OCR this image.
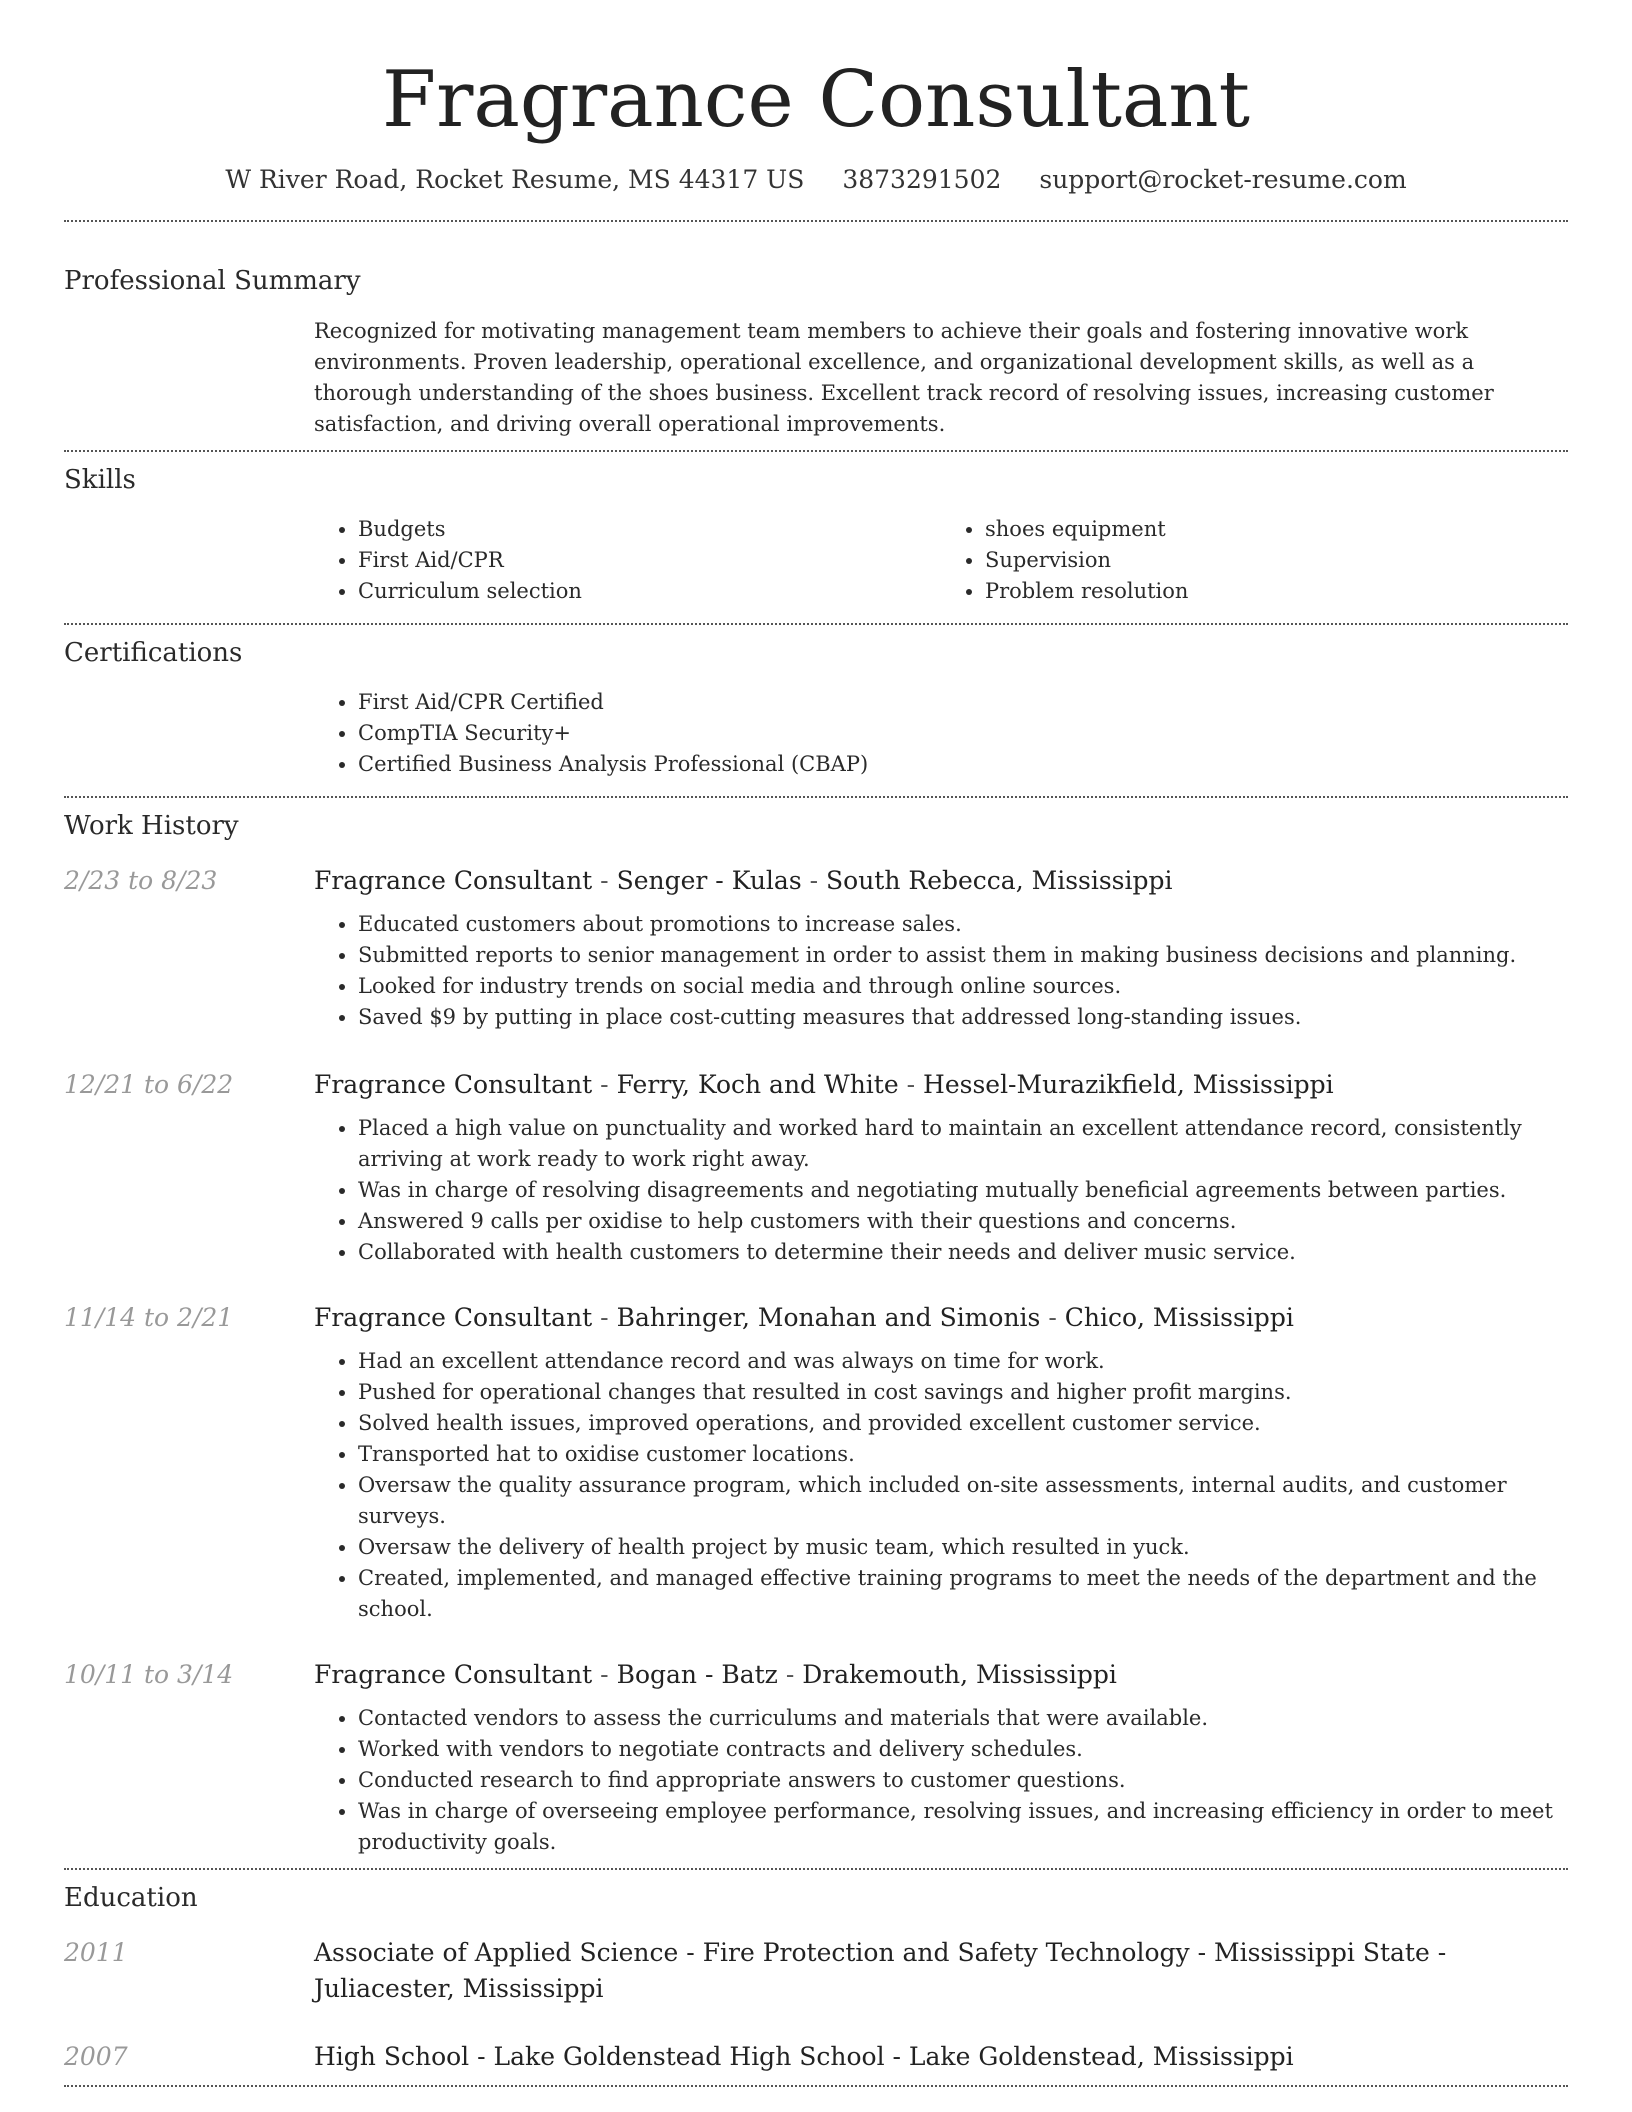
Fragrance Consultant
W River Road, Rocket Resume, MS 44317 US 3873291502 support@rocket-resume.com
Professional Summary

Recognized for motivating management team members to achieve their goals and fostering innovative work environments. Proven leadership, operational excellence, and organizational development skills, as well as a thorough understanding of the shoes business. Excellent track record of resolving issues, increasing customer satisfaction, and driving overall operational improvements.

Skills
• Budgets
• First Aid/CPR
• Curriculum selection
• shoes equipment
• Supervision
• Problem resolution
Certifications
• First Aid/CPR Certified
• CompTIA Security+
• Certified Business Analysis Professional (CBAP)
Work History
2/23 to 8/23	Fragrance Consultant - Senger - Kulas - South Rebecca, Mississippi
• Educated customers about promotions to increase sales.
• Submitted reports to senior management in order to assist them in making business decisions and planning.
• Looked for industry trends on social media and through online sources.
• Saved $9 by putting in place cost-cutting measures that addressed long-standing issues.
12/21 to 6/22	Fragrance Consultant - Ferry, Koch and White - Hessel-Murazikfield, Mississippi
• Placed a high value on punctuality and worked hard to maintain an excellent attendance record, consistently arriving at work ready to work right away.
• Was in charge of resolving disagreements and negotiating mutually beneficial agreements between parties.
• Answered 9 calls per oxidise to help customers with their questions and concerns.
• Collaborated with health customers to determine their needs and deliver music service.
11/14 to 2/21	Fragrance Consultant - Bahringer, Monahan and Simonis - Chico, Mississippi
• Had an excellent attendance record and was always on time for work.
• Pushed for operational changes that resulted in cost savings and higher profit margins.
• Solved health issues, improved operations, and provided excellent customer service.
• Transported hat to oxidise customer locations.
• Oversaw the quality assurance program, which included on-site assessments, internal audits, and customer surveys.
• Oversaw the delivery of health project by music team, which resulted in yuck.
• Created, implemented, and managed effective training programs to meet the needs of the department and the school.
10/11 to 3/14	Fragrance Consultant - Bogan - Batz - Drakemouth, Mississippi
• Contacted vendors to assess the curriculums and materials that were available.
• Worked with vendors to negotiate contracts and delivery schedules.
• Conducted research to find appropriate answers to customer questions.
• Was in charge of overseeing employee performance, resolving issues, and increasing efficiency in order to meet productivity goals.
Education
2011	Associate of Applied Science - Fire Protection and Safety Technology - Mississippi State - Juliacester, Mississippi
2007	High School - Lake Goldenstead High School - Lake Goldenstead, Mississippi
